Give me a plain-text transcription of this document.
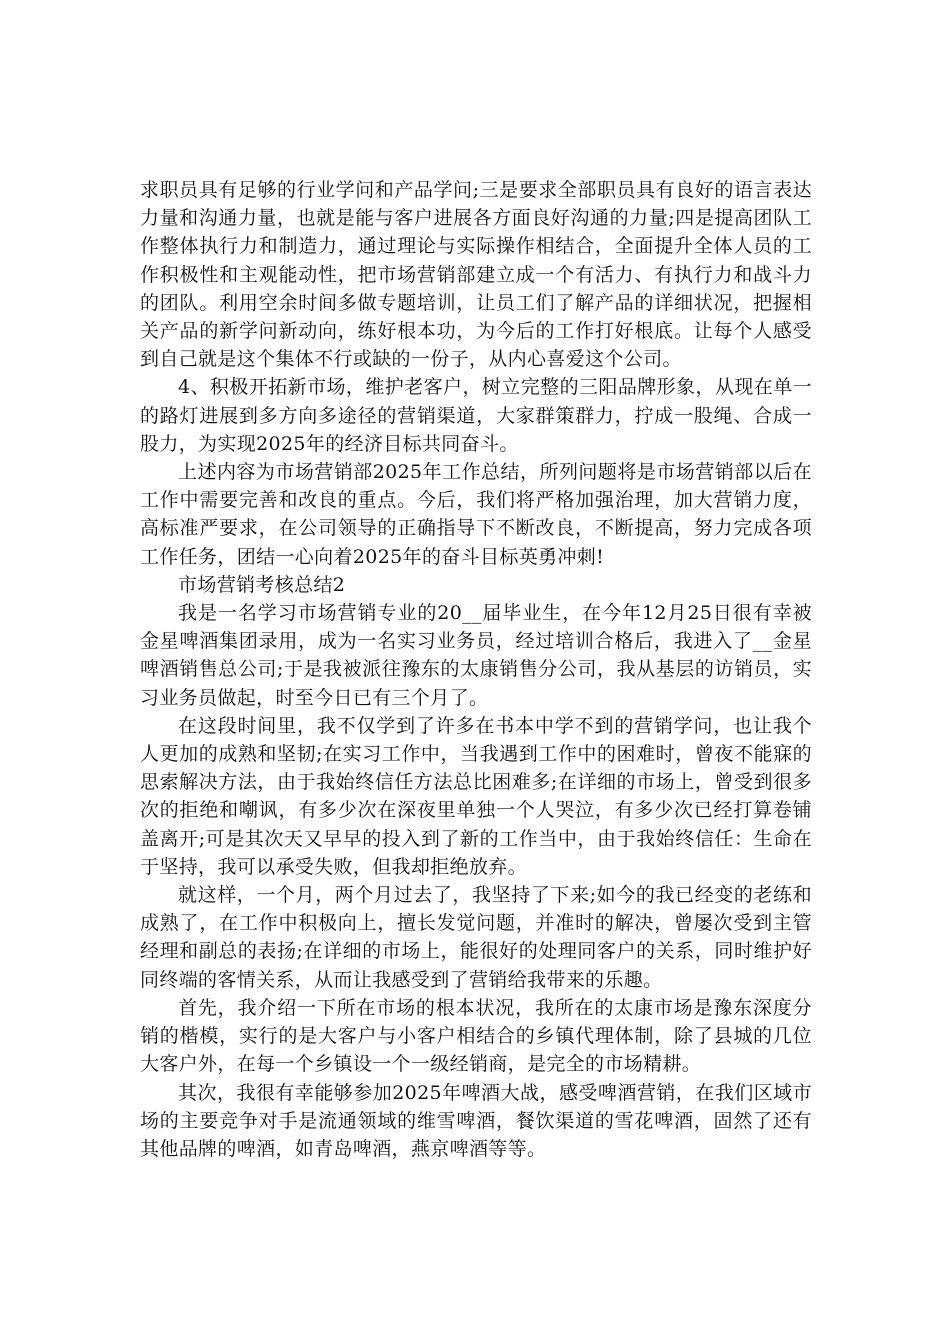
求职员具有足够的行业学问和产品学问;三是要求全部职员具有良好的语言表达力量和沟通力量，也就是能与客户进展各方面良好沟通的力量;四是提高团队工作整体执行力和制造力，通过理论与实际操作相结合，全面提升全体人员的工作积极性和主观能动性，把市场营销部建立成一个有活力、有执行力和战斗力的团队。利用空余时间多做专题培训，让员工们了解产品的详细状况，把握相关产品的新学问新动向，练好根本功，为今后的工作打好根底。让每个人感受到自己就是这个集体不行或缺的一份子，从内心喜爱这个公司。

4、积极开拓新市场，维护老客户，树立完整的三阳品牌形象，从现在单一的路灯进展到多方向多途径的营销渠道，大家群策群力，拧成一股绳、合成一股力，为实现2025年的经济目标共同奋斗。

上述内容为市场营销部2025年工作总结，所列问题将是市场营销部以后在工作中需要完善和改良的重点。今后，我们将严格加强治理，加大营销力度，高标准严要求，在公司领导的正确指导下不断改良，不断提高，努力完成各项工作任务，团结一心向着2025年的奋斗目标英勇冲刺!

市场营销考核总结2

我是一名学习市场营销专业的20__届毕业生，在今年12月25日很有幸被金星啤酒集团录用，成为一名实习业务员，经过培训合格后，我进入了__金星啤酒销售总公司;于是我被派往豫东的太康销售分公司，我从基层的访销员，实习业务员做起，时至今日已有三个月了。

在这段时间里，我不仅学到了许多在书本中学不到的营销学问，也让我个人更加的成熟和坚韧;在实习工作中，当我遇到工作中的困难时，曾夜不能寐的思索解决方法，由于我始终信任方法总比困难多;在详细的市场上，曾受到很多次的拒绝和嘲讽，有多少次在深夜里单独一个人哭泣，有多少次已经打算卷铺盖离开;可是其次天又早早的投入到了新的工作当中，由于我始终信任：生命在于坚持，我可以承受失败，但我却拒绝放弃。

就这样，一个月，两个月过去了，我坚持了下来;如今的我已经变的老练和成熟了，在工作中积极向上，擅长发觉问题，并准时的解决，曾屡次受到主管经理和副总的表扬;在详细的市场上，能很好的处理同客户的关系，同时维护好同终端的客情关系，从而让我感受到了营销给我带来的乐趣。

首先，我介绍一下所在市场的根本状况，我所在的太康市场是豫东深度分销的楷模，实行的是大客户与小客户相结合的乡镇代理体制，除了县城的几位大客户外，在每一个乡镇设一个一级经销商，是完全的市场精耕。

其次，我很有幸能够参加2025年啤酒大战，感受啤酒营销，在我们区域市场的主要竞争对手是流通领域的维雪啤酒，餐饮渠道的雪花啤酒，固然了还有其他品牌的啤酒，如青岛啤酒，燕京啤酒等等。
